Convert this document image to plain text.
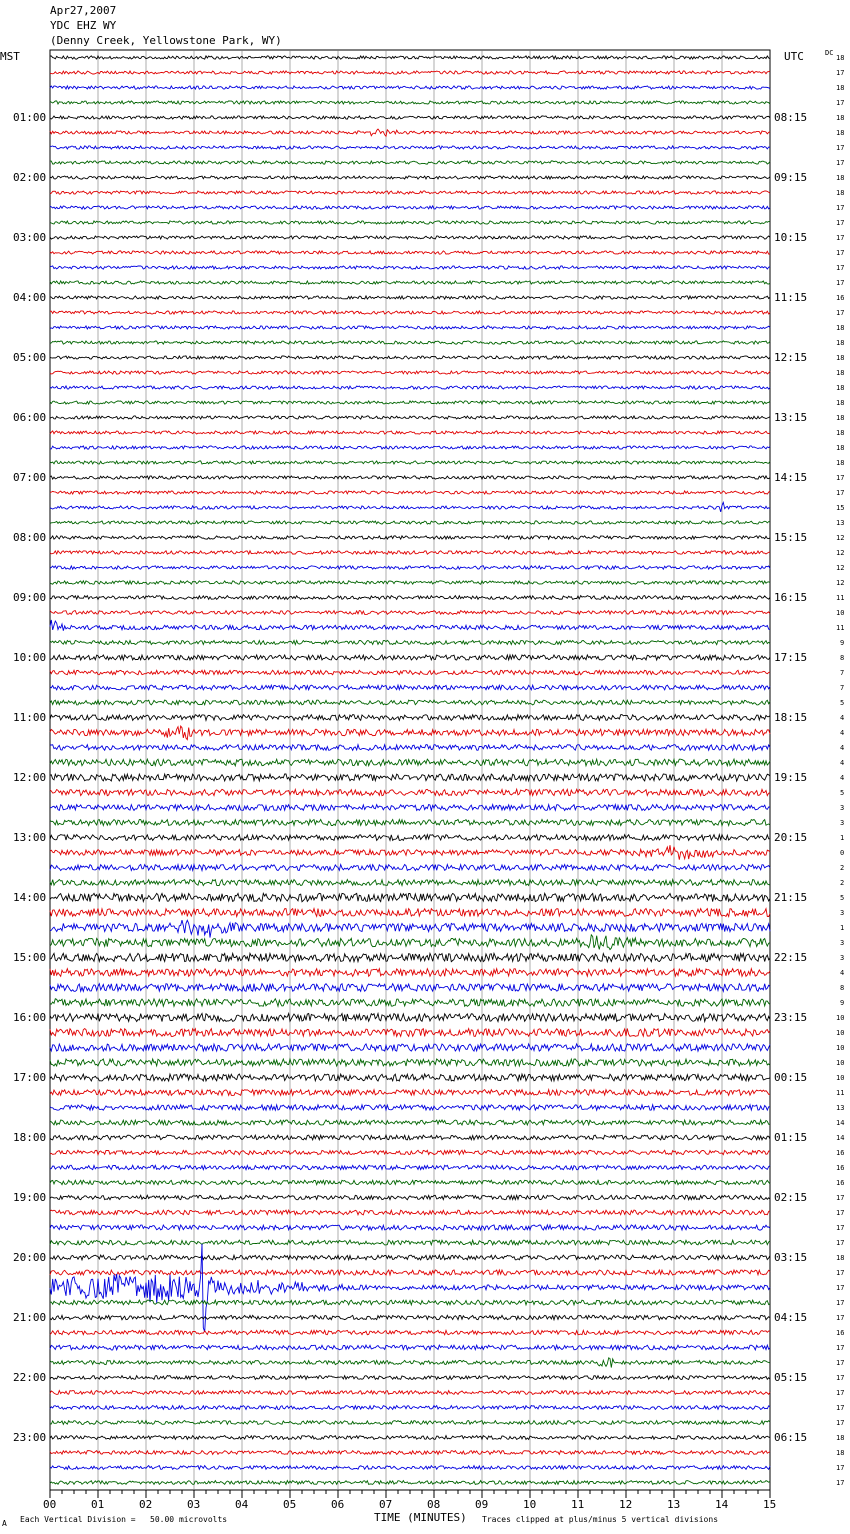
Apr27,2007
YDC EHZ WY
(Denny Creek, Yellowstone Park, WY)
MST	UTC	DC
01:00
02:00
03:00
04:00
05:00
06:00
07:00
08:00
09:00
10:00
11:00
12:00
13:00
14:00
15:00
16:00
17:00
18:00
19:00
20:00
21:00
22:00
23:00
08:15
09:15
10:15
11:15
12:15
13:15
14:15
15:15
16:15
17:15
18:15
19:15
20:15
21:15
22:15
23:15
00:15
01:15
02:15
03:15
04:15
05:15
06:15
18
17
18
17
18
18
17
17
18
18
17
17
17
17
17
17
16
17
18
18
18
18
18
18
18
18
18
18
17
17
15
13
12
12
12
12
11
10
11
9
8
7
7
5
4
4
4
4
4
5
3
3
1
0
2
2
5
3
1
3
3
4
8
9
10
10
10
10
10
11
13
14
14
16
16
16
17
17
17
17
18
17
17
17
17
16
17
17
17
17
17
17
18
18
17
17
00	01	02	03	04	05	06	07	08	09	10	11	12	13	14	15
A Each Vertical Division =   50.00 microvolts	TIME (MINUTES) Traces clipped at plus/minus 5 vertical divisions
